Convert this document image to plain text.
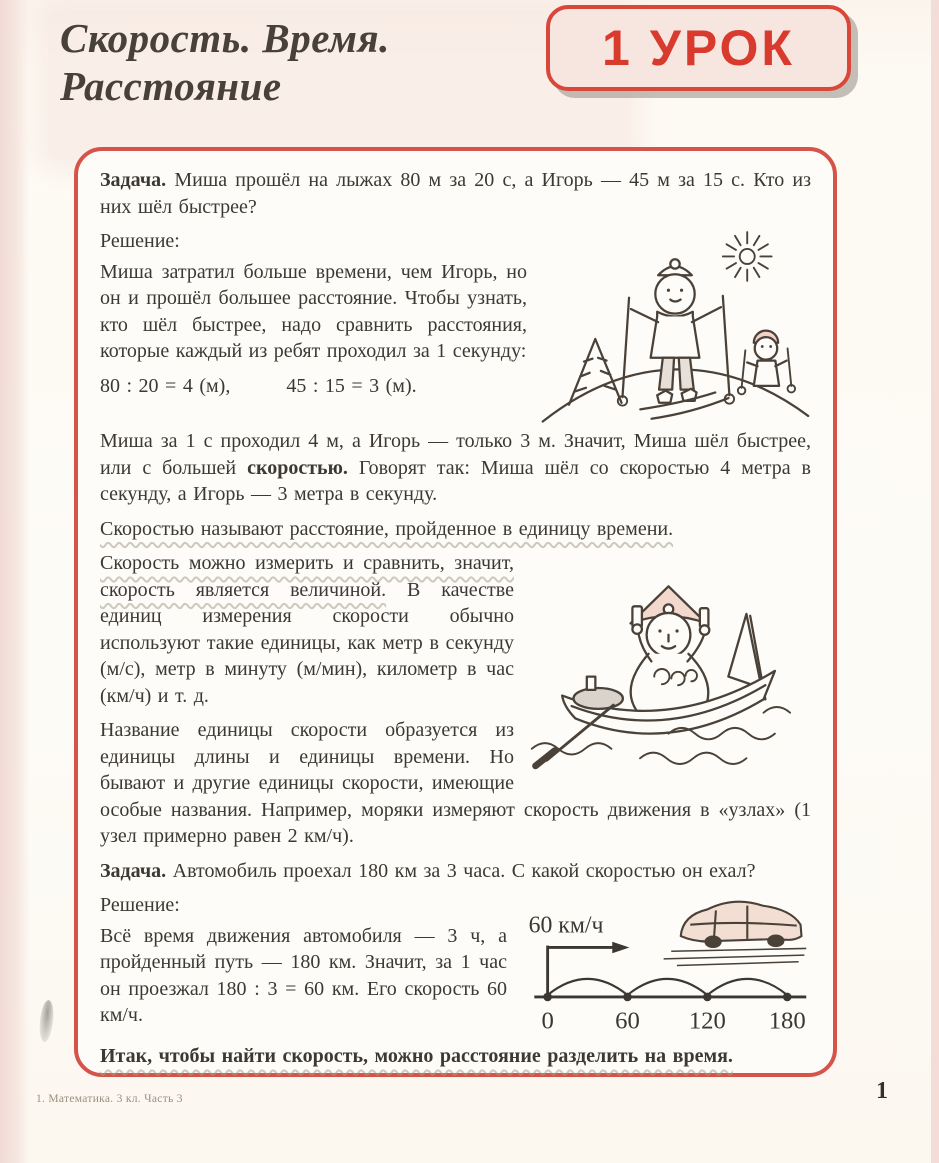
Скорость. Время.
Расстояние
1 УРОК

Задача. Миша прошёл на лыжах 80 м за 20 с, а Игорь — 45 м за 15 с. Кто из них шёл быстрее?

Решение:

Миша затратил больше времени, чем Игорь, но он и прошёл большее расстояние. Чтобы узнать, кто шёл быстрее, надо сравнить расстояния, которые каждый из ребят проходил за 1 секунду:

80 : 20 = 4 (м),	45 : 15 = 3 (м).

Миша за 1 с проходил 4 м, а Игорь — только 3 м. Значит, Миша шёл быстрее, или с большей скоростью. Говорят так: Миша шёл со скоростью 4 метра в секунду, а Игорь — 3 метра в секунду.

Скоростью называют расстояние, пройденное в единицу времени.

Скорость можно измерить и сравнить, значит, скорость является величиной. В качестве единиц измерения скорости обычно используют такие единицы, как метр в секунду (м/с), метр в минуту (м/мин), километр в час (км/ч) и т. д.

Название единицы скорости образуется из единицы длины и единицы времени. Но бывают и другие единицы скорости, имеющие особые названия. Например, моряки измеряют скорость движения в «узлах» (1 узел примерно равен 2 км/ч).

Задача. Автомобиль проехал 180 км за 3 часа. С какой скоростью он ехал?

60 км/ч
0 60 120 180

Решение:

Всё время движения автомобиля — 3 ч, а пройденный путь — 180 км. Значит, за 1 час он проезжал 180 : 3 = 60 км. Его скорость 60 км/ч.

Итак, чтобы найти скорость, можно расстояние разделить на время.

1. Математика. 3 кл. Часть 3	1
